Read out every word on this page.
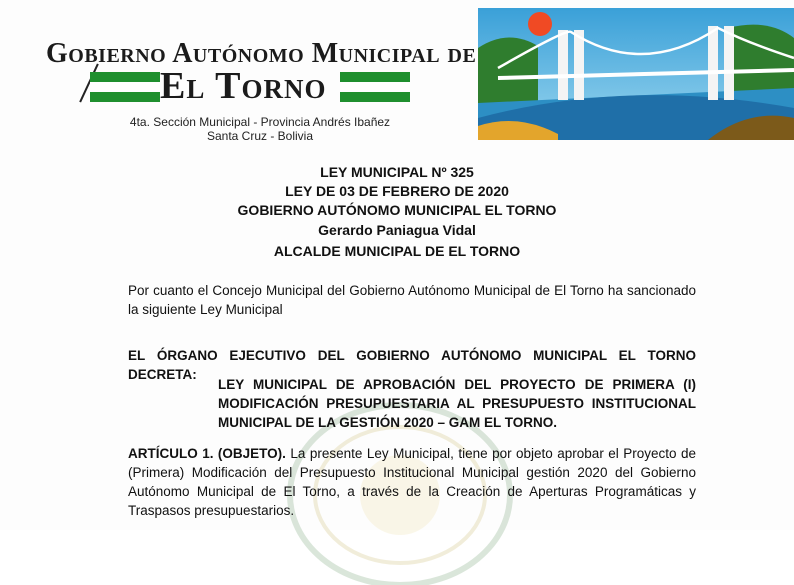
Gobierno Autónomo Municipal de
El Torno
4ta. Sección Municipal - Provincia Andrés Ibañez
Santa Cruz - Bolivia
LEY MUNICIPAL Nº 325
LEY DE 03 DE FEBRERO DE 2020
GOBIERNO AUTÓNOMO MUNICIPAL EL TORNO
Gerardo Paniagua Vidal
ALCALDE MUNICIPAL DE EL TORNO
Por cuanto el Concejo Municipal del Gobierno Autónomo Municipal de El Torno ha sancionado la siguiente Ley Municipal
EL ÓRGANO EJECUTIVO DEL GOBIERNO AUTÓNOMO MUNICIPAL EL TORNO DECRETA:
LEY MUNICIPAL DE APROBACIÓN DEL PROYECTO DE PRIMERA (I) MODIFICACIÓN PRESUPUESTARIA AL PRESUPUESTO INSTITUCIONAL MUNICIPAL DE LA GESTIÓN 2020 – GAM EL TORNO.
ARTÍCULO 1. (OBJETO). La presente Ley Municipal, tiene por objeto aprobar el Proyecto de (Primera) Modificación del Presupuesto Institucional Municipal gestión 2020 del Gobierno Autónomo Municipal de El Torno, a través de la Creación de Aperturas Programáticas y Traspasos presupuestarios.
